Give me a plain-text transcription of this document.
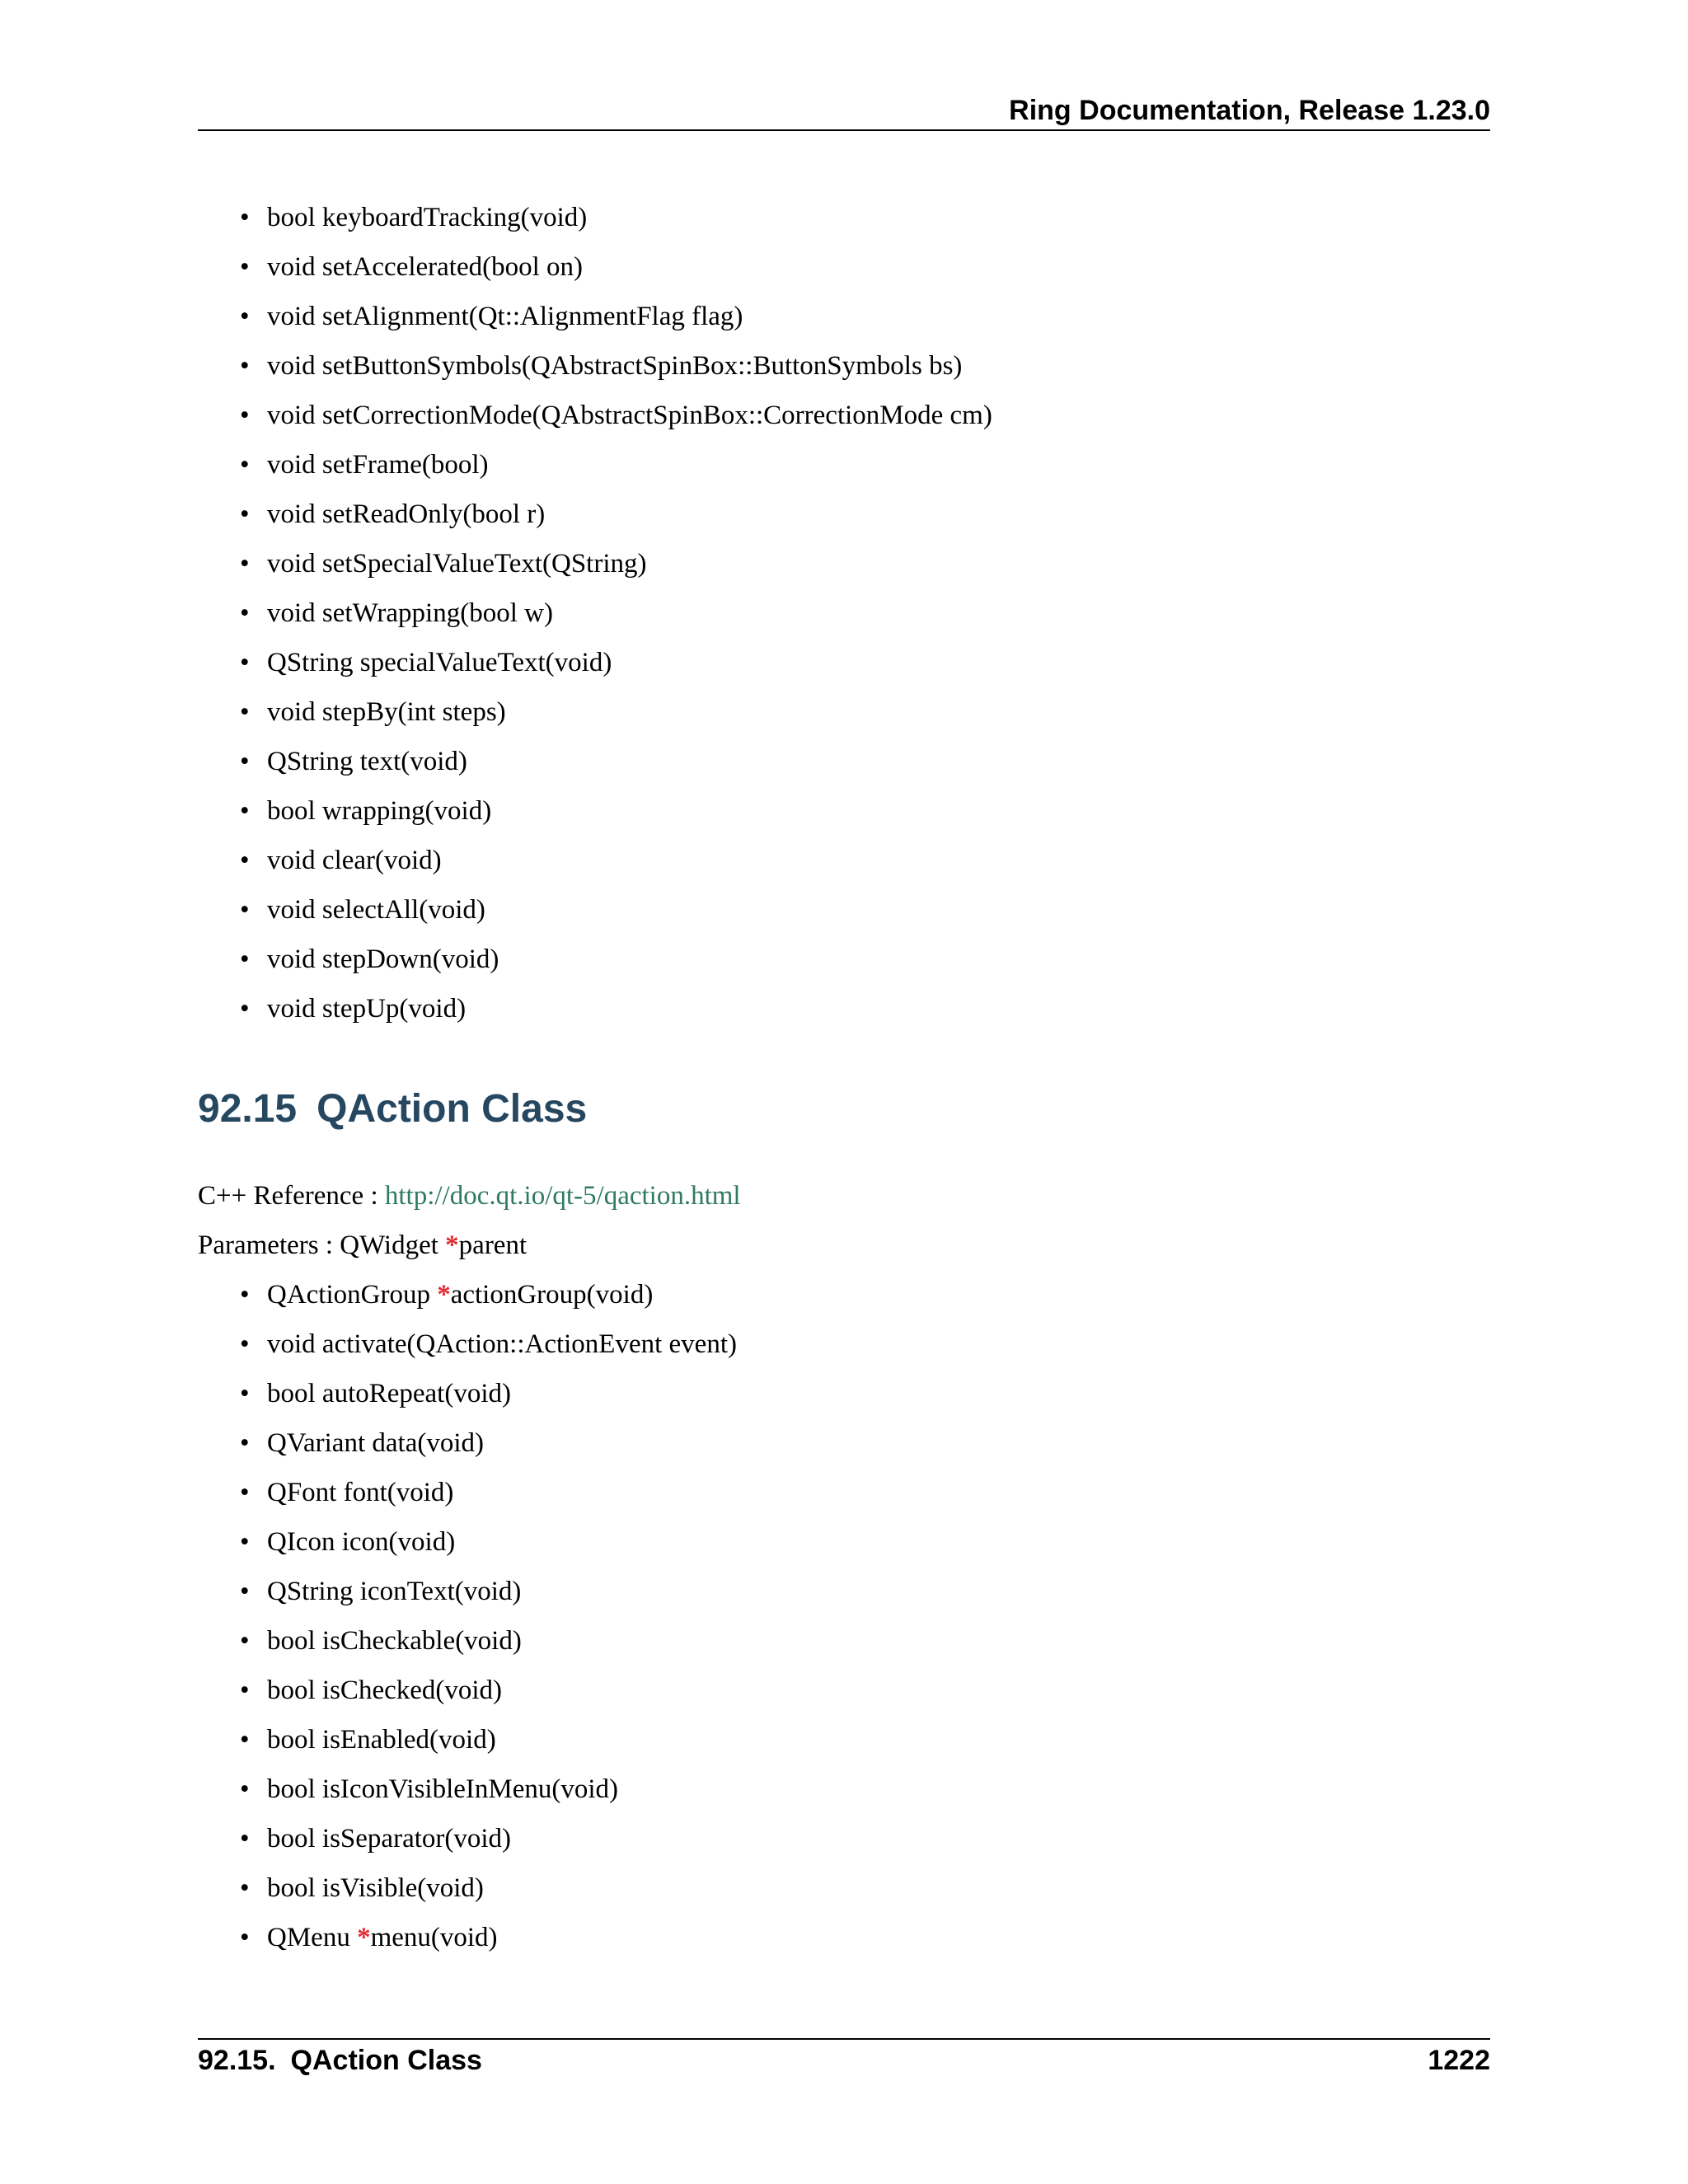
Ring Documentation, Release 1.23.0
• bool keyboardTracking(void)
• void setAccelerated(bool on)
• void setAlignment(Qt::AlignmentFlag flag)
• void setButtonSymbols(QAbstractSpinBox::ButtonSymbols bs)
• void setCorrectionMode(QAbstractSpinBox::CorrectionMode cm)
• void setFrame(bool)
• void setReadOnly(bool r)
• void setSpecialValueText(QString)
• void setWrapping(bool w)
• QString specialValueText(void)
• void stepBy(int steps)
• QString text(void)
• bool wrapping(void)
• void clear(void)
• void selectAll(void)
• void stepDown(void)
• void stepUp(void)
92.15 QAction Class
C++ Reference : http://doc.qt.io/qt-5/qaction.html
Parameters : QWidget *parent
• QActionGroup *actionGroup(void)
• void activate(QAction::ActionEvent event)
• bool autoRepeat(void)
• QVariant data(void)
• QFont font(void)
• QIcon icon(void)
• QString iconText(void)
• bool isCheckable(void)
• bool isChecked(void)
• bool isEnabled(void)
• bool isIconVisibleInMenu(void)
• bool isSeparator(void)
• bool isVisible(void)
• QMenu *menu(void)
92.15. QAction Class	1222
